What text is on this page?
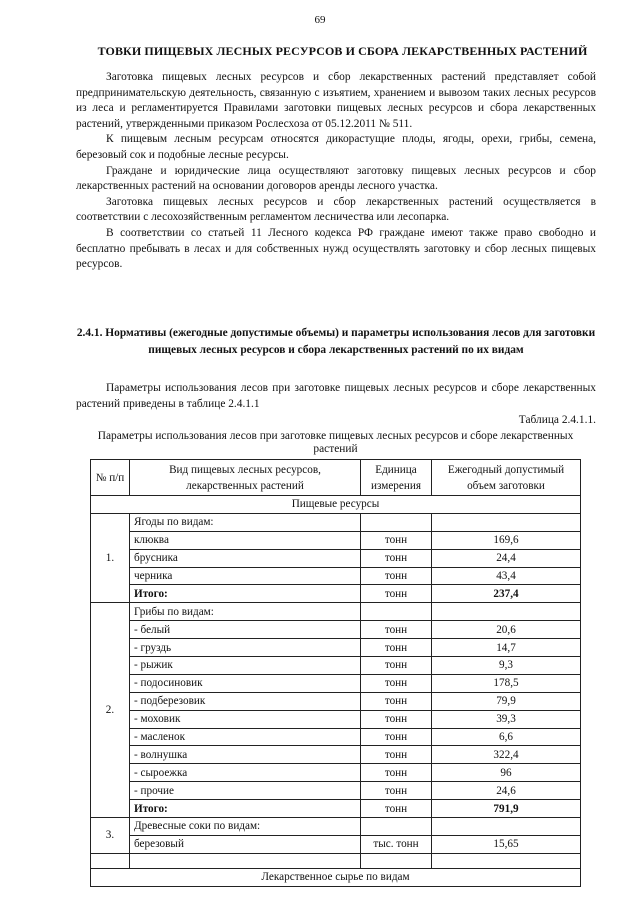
69
ТОВКИ ПИЩЕВЫХ ЛЕСНЫХ РЕСУРСОВ И СБОРА ЛЕКАРСТВЕННЫХ РАСТЕНИЙ

Заготовка пищевых лесных ресурсов и сбор лекарственных растений представляет собой предпринимательскую деятельность, связанную с изъятием, хранением и вывозом таких лесных ресурсов из леса и регламентируется Правилами заготовки пищевых лесных ресурсов и сбора лекарственных растений, утвержденными приказом Рослесхоза от 05.12.2011 № 511.

К пищевым лесным ресурсам относятся дикорастущие плоды, ягоды, орехи, грибы, семена, березовый сок и подобные лесные ресурсы.

Граждане и юридические лица осуществляют заготовку пищевых лесных ресурсов и сбор лекарственных растений на основании договоров аренды лесного участка.

Заготовка пищевых лесных ресурсов и сбор лекарственных растений осуществляется в соответствии с лесохозяйственным регламентом лесничества или лесопарка.

В соответствии со статьей 11 Лесного кодекса РФ граждане имеют также право свободно и бесплатно пребывать в лесах и для собственных нужд осуществлять заготовку и сбор лесных пищевых ресурсов.

2.4.1. Нормативы (ежегодные допустимые объемы) и параметры использования лесов для заготовки пищевых лесных ресурсов и сбора лекарственных растений по их видам

Параметры использования лесов при заготовке пищевых лесных ресурсов и сборе лекарственных растений приведены в таблице 2.4.1.1

Таблица 2.4.1.1.
Параметры использования лесов при заготовке пищевых лесных ресурсов и сборе лекарственных растений
№ п/п	Вид пищевых лесных ресурсов, лекарственных растений	Единица измерения	Ежегодный допустимый объем заготовки
Пищевые ресурсы			
1.	Ягоды по видам:		
	клюква	тонн	169,6
	брусника	тонн	24,4
	черника	тонн	43,4
	Итого:	тонн	237,4
2.	Грибы по видам:		
	- белый	тонн	20,6
	- груздь	тонн	14,7
	- рыжик	тонн	9,3
	- подосиновик	тонн	178,5
	- подберезовик	тонн	79,9
	- моховик	тонн	39,3
	- масленок	тонн	6,6
	- волнушка	тонн	322,4
	- сыроежка	тонн	96
	- прочие	тонн	24,6
	Итого:	тонн	791,9
3.	Древесные соки по видам:		
	березовый	тыс. тонн	15,65

Лекарственное сырье по видам			
